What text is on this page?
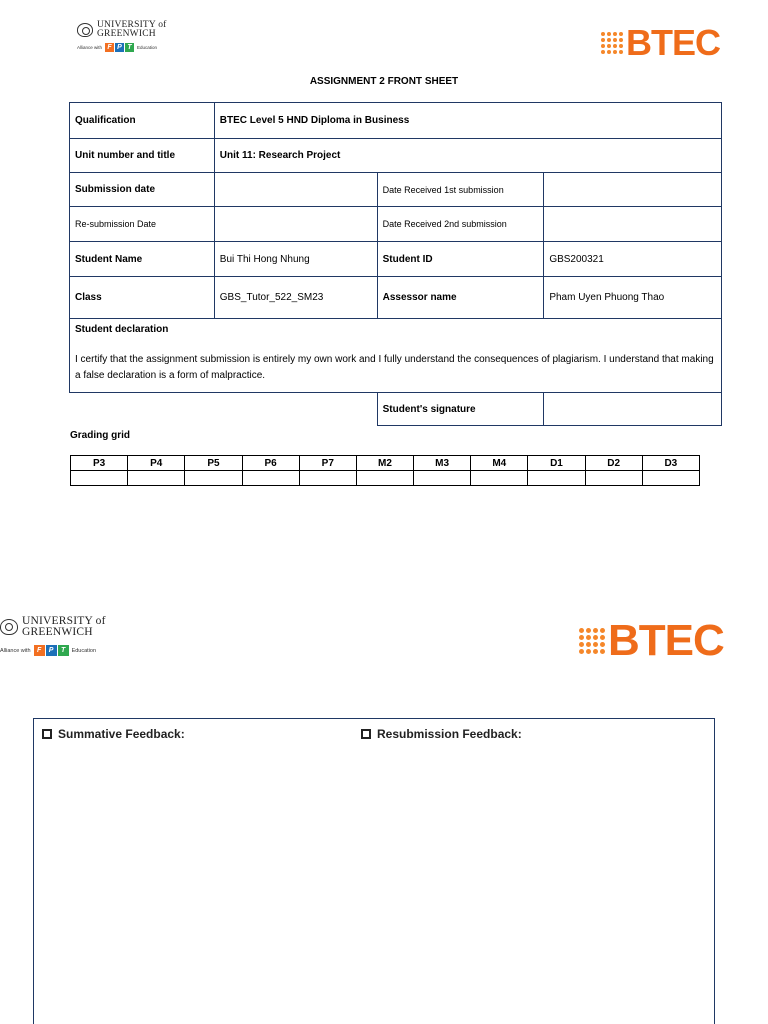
UNIVERSITY of
GREENWICH
Alliance with F P T	Education	BTEC
ASSIGNMENT 2 FRONT SHEET
Qualification	BTEC Level 5 HND Diploma in Business		
Unit number and title	Unit 11: Research Project		
Submission date		Date Received 1st submission	
Re-submission Date		Date Received 2nd submission	
Student Name	Bui Thi Hong Nhung	Student ID	GBS200321
Class	GBS_Tutor_522_SM23	Assessor name	Pham Uyen Phuong Thao

Student declaration
I certify that the assignment submission is entirely my own work and I fully understand the consequences of plagiarism. I understand that making a false declaration is a form of malpractice.			

		Student's signature	
Grading grid
P3	P4	P5	P6	P7	M2	M3	M4	D1	D2	D3

UNIVERSITY of
GREENWICH
Alliance with F	P	T	Education	BTEC
Summative Feedback:	Resubmission Feedback:
